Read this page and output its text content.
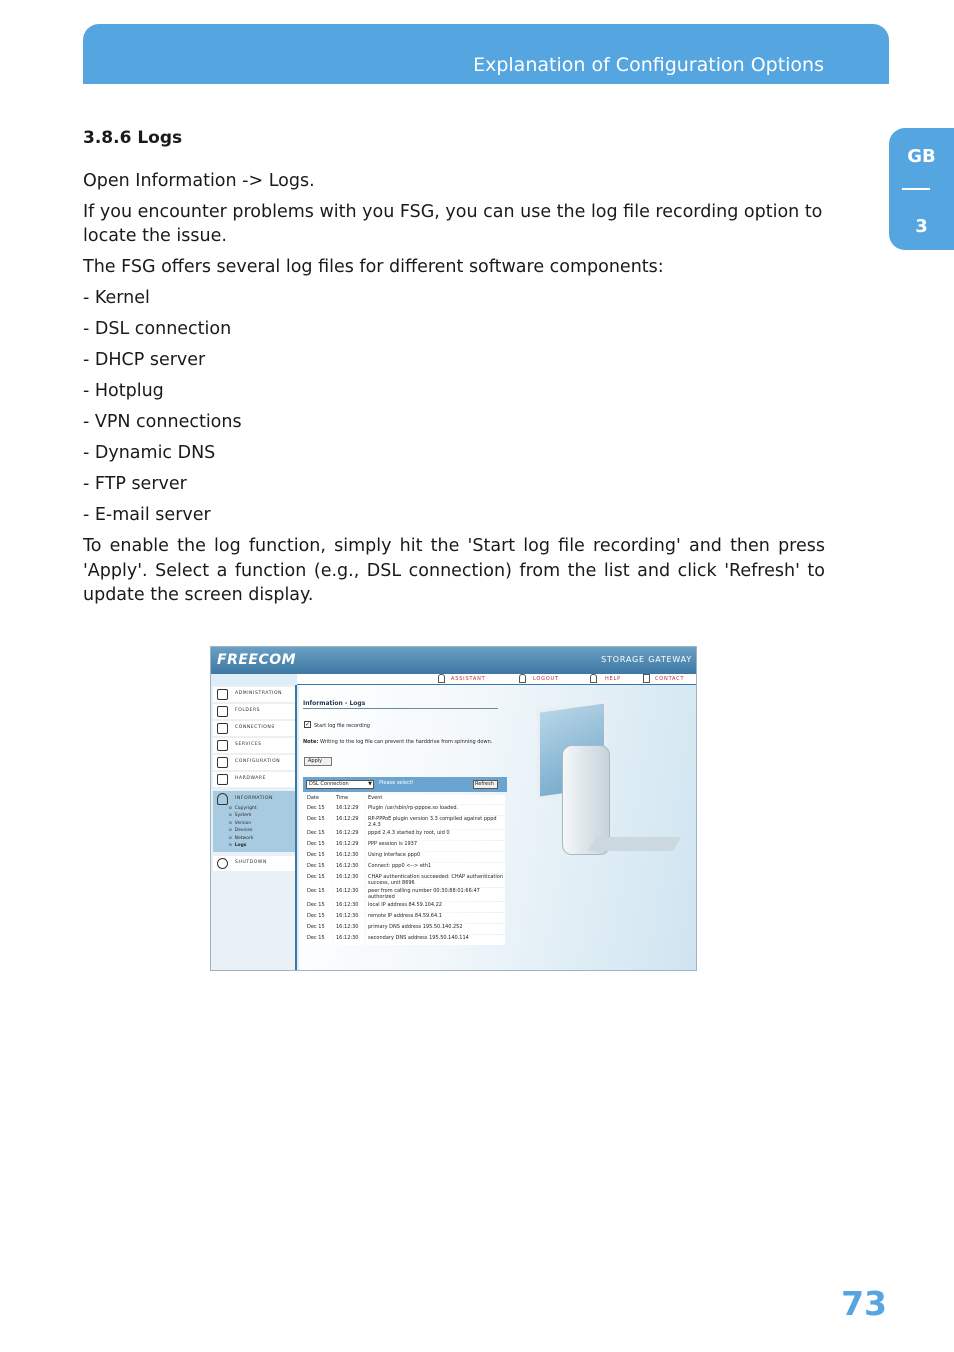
Explanation of Configuration Options
GB
3
3.8.6 Logs

Open Information -> Logs.

If you encounter problems with you FSG, you can use the log file recording option to locate the issue.

The FSG offers several log files for different software components:

- Kernel

- DSL connection

- DHCP server

- Hotplug

- VPN connections

- Dynamic DNS

- FTP server

- E-mail server

To enable the log function, simply hit the 'Start log file recording' and then press 'Apply'. Select a function (e.g., DSL connection) from the list and click 'Refresh' to update the screen display.

FREECOM	STORAGE GATEWAY
ASSISTANT	LOGOUT	HELP	CONTACT
ADMINISTRATION
FOLDERS
CONNECTIONS
SERVICES
CONFIGURATION
HARDWARE
INFORMATION
o  Copyright
o  System
o  Version
o  Devices
o  Network
o  Logs
SHUTDOWN
Information - Logs
✓ Start log file recording
Note: Writing to the log file can prevent the harddrive from spinning down.
Apply
DSL Connection	▼ Please select!	Refresh
Date	Time	Event
Dec 15	16:12:29	Plugin /usr/sbin/rp-pppoe.so loaded.
Dec 15	16:12:29	RP-PPPoE plugin version 3.3 compiled against pppd 2.4.3
Dec 15	16:12:29	pppd 2.4.3 started by root, uid 0
Dec 15	16:12:29	PPP session is 1937
Dec 15	16:12:30	Using interface ppp0
Dec 15	16:12:30	Connect: ppp0 <--> eth1
Dec 15	16:12:30	CHAP authentication succeeded: CHAP authentication success, unit 8696
Dec 15	16:12:30	peer from calling number 00:30:88:01:66:47 authorized
Dec 15	16:12:30	local IP address 84.59.104.22
Dec 15	16:12:30	remote IP address 84.59.64.1
Dec 15	16:12:30	primary DNS address 195.50.140.252
Dec 15	16:12:30	secondary DNS address 195.50.140.114
73
